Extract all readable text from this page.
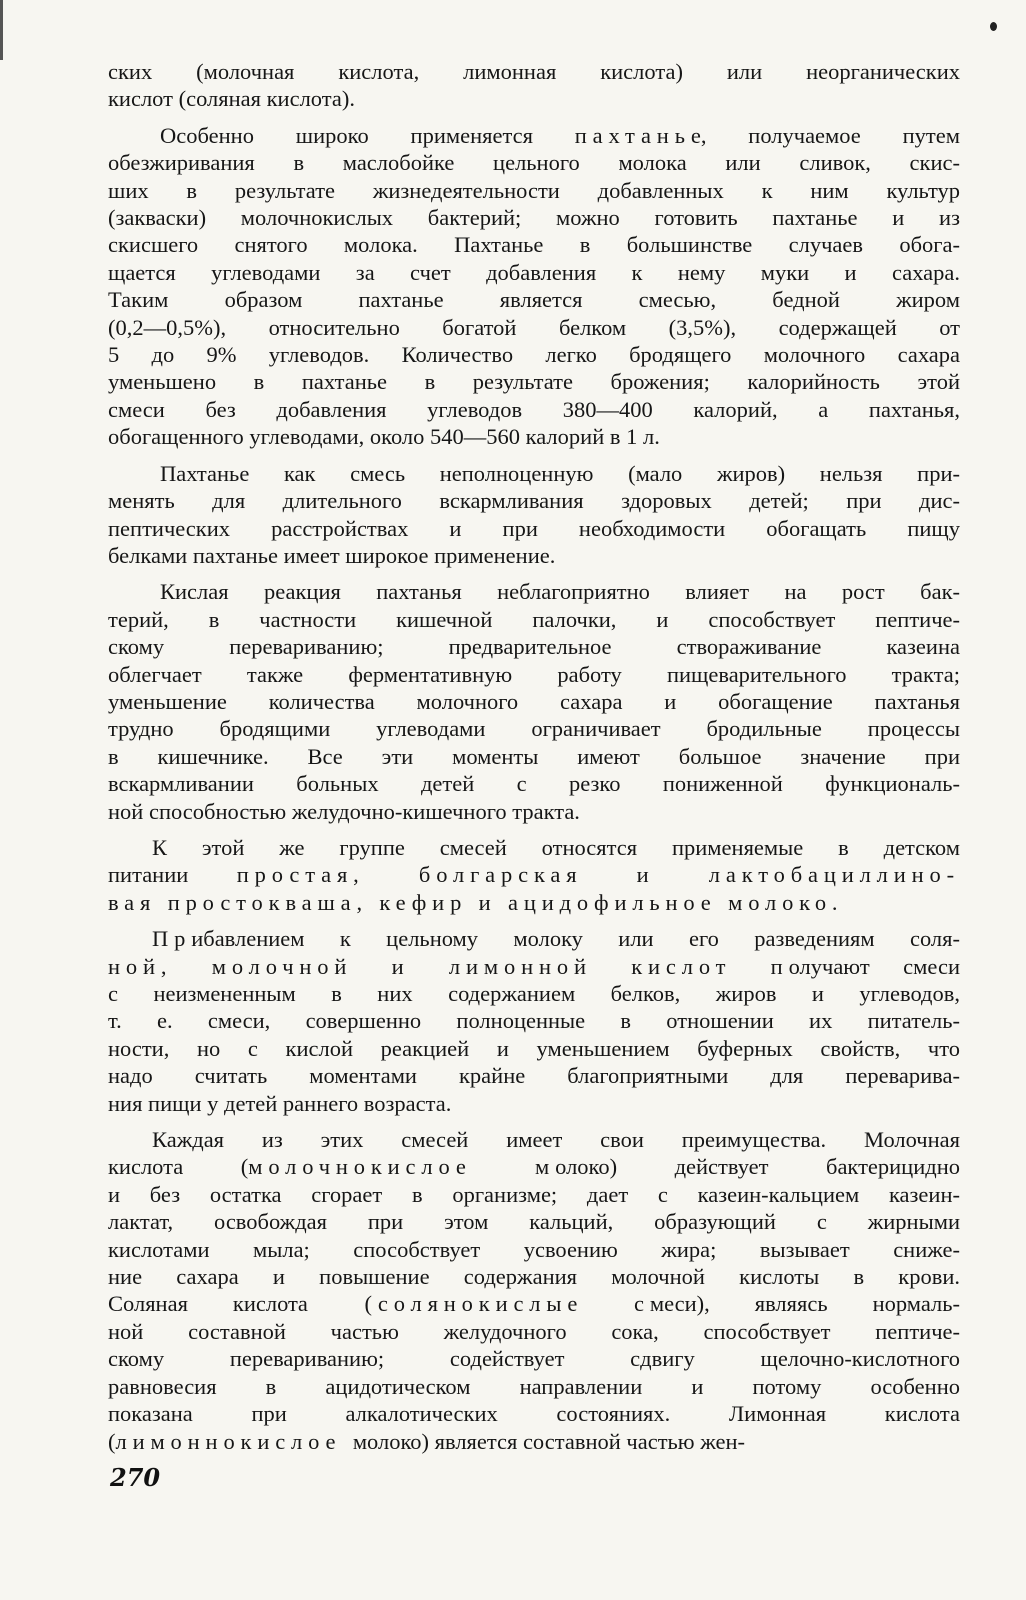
ских (молочная кислота, лимонная кислота) или неорганических
кислот (соляная кислота).
Особенно широко применяется пахтанье, получаемое путем
обезжиривания в маслобойке цельного молока или сливок, скис-
ших в результате жизнедеятельности добавленных к ним культур
(закваски) молочнокислых бактерий; можно готовить пахтанье и из
скисшего снятого молока. Пахтанье в большинстве случаев обога-
щается углеводами за счет добавления к нему муки и сахара.
Таким образом пахтанье является смесью, бедной жиром
(0,2—0,5%), относительно богатой белком (3,5%), содержащей от
5 до 9% углеводов. Количество легко бродящего молочного сахара
уменьшено в пахтанье в результате брожения; калорийность этой
смеси без добавления углеводов 380—400 калорий, а пахтанья,
обогащенного углеводами, около 540—560 калорий в 1 л.
Пахтанье как смесь неполноценную (мало жиров) нельзя при-
менять для длительного вскармливания здоровых детей; при дис-
пептических расстройствах и при необходимости обогащать пищу
белками пахтанье имеет широкое применение.
Кислая реакция пахтанья неблагоприятно влияет на рост бак-
терий, в частности кишечной палочки, и способствует пептиче-
скому перевариванию; предварительное створаживание казеина
облегчает также ферментативную работу пищеварительного тракта;
уменьшение количества молочного сахара и обогащение пахтанья
трудно бродящими углеводами ограничивает бродильные процессы
в кишечнике. Все эти моменты имеют большое значение при
вскармливании больных детей с резко пониженной функциональ-
ной способностью желудочно-кишечного тракта.
К этой же группе смесей относятся применяемые в детском
питании простая, болгарская и лактобациллино-
вая простокваша, кефир и ацидофильное молоко.
Прибавлением к цельному молоку или его разведениям соля-
ной, молочной и лимонной кислот получают смеси
с неизмененным в них содержанием белков, жиров и углеводов,
т. е. смеси, совершенно полноценные в отношении их питатель-
ности, но с кислой реакцией и уменьшением буферных свойств, что
надо считать моментами крайне благоприятными для переварива-
ния пищи у детей раннего возраста.
Каждая из этих смесей имеет свои преимущества. Молочная
кислота (молочнокислое молоко) действует бактерицидно
и без остатка сгорает в организме; дает с казеин-кальцием казеин-
лактат, освобождая при этом кальций, образующий с жирными
кислотами мыла; способствует усвоению жира; вызывает сниже-
ние сахара и повышение содержания молочной кислоты в крови.
Соляная кислота (солянокислые смеси), являясь нормаль-
ной составной частью желудочного сока, способствует пептиче-
скому перевариванию; содействует сдвигу щелочно-кислотного
равновесия в ацидотическом направлении и потому особенно
показана при алкалотических состояниях. Лимонная кислота
(лимоннокислое молоко) является составной частью жен-
270
